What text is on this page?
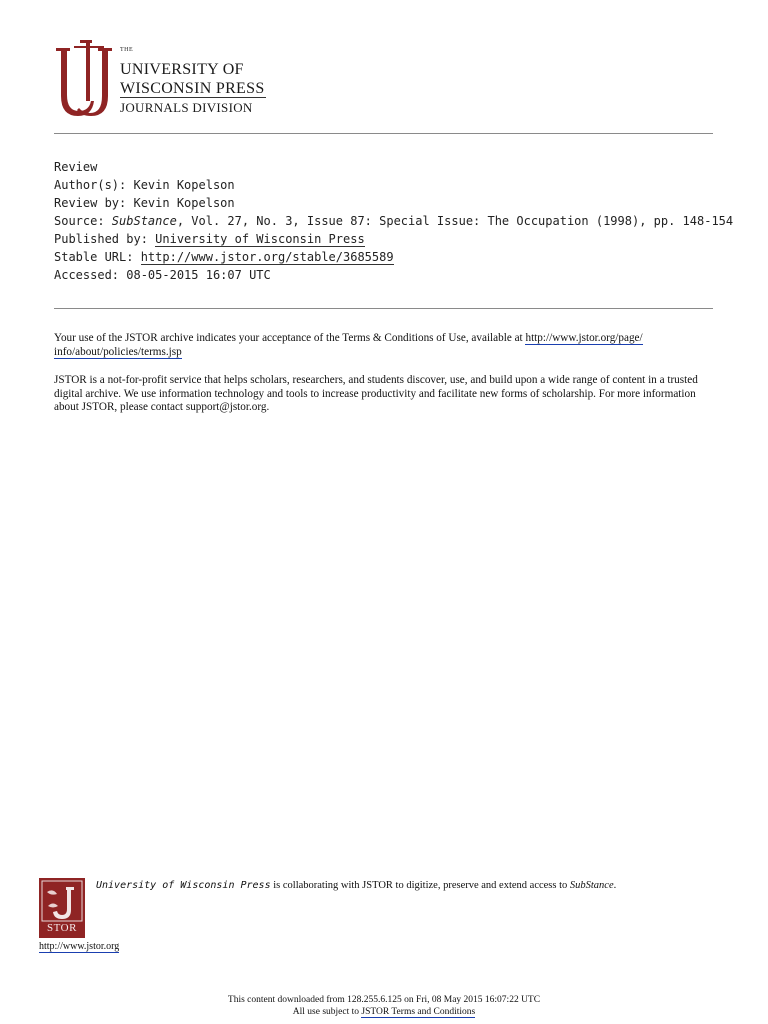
THE
UNIVERSITY OF
WISCONSIN PRESS
JOURNALS DIVISION
Review
Author(s): Kevin Kopelson
Review by: Kevin Kopelson
Source: SubStance, Vol. 27, No. 3, Issue 87: Special Issue: The Occupation (1998), pp. 148-154
Published by: University of Wisconsin Press
Stable URL: http://www.jstor.org/stable/3685589
Accessed: 08-05-2015 16:07 UTC
Your use of the JSTOR archive indicates your acceptance of the Terms & Conditions of Use, available at http://www.jstor.org/page/
info/about/policies/terms.jsp
JSTOR is a not-for-profit service that helps scholars, researchers, and students discover, use, and build upon a wide range of content in a trusted digital archive. We use information technology and tools to increase productivity and facilitate new forms of scholarship. For more information about JSTOR, please contact support@jstor.org.
STOR
http://www.jstor.org
University of Wisconsin Press is collaborating with JSTOR to digitize, preserve and extend access to SubStance.
This content downloaded from 128.255.6.125 on Fri, 08 May 2015 16:07:22 UTC
All use subject to JSTOR Terms and Conditions
